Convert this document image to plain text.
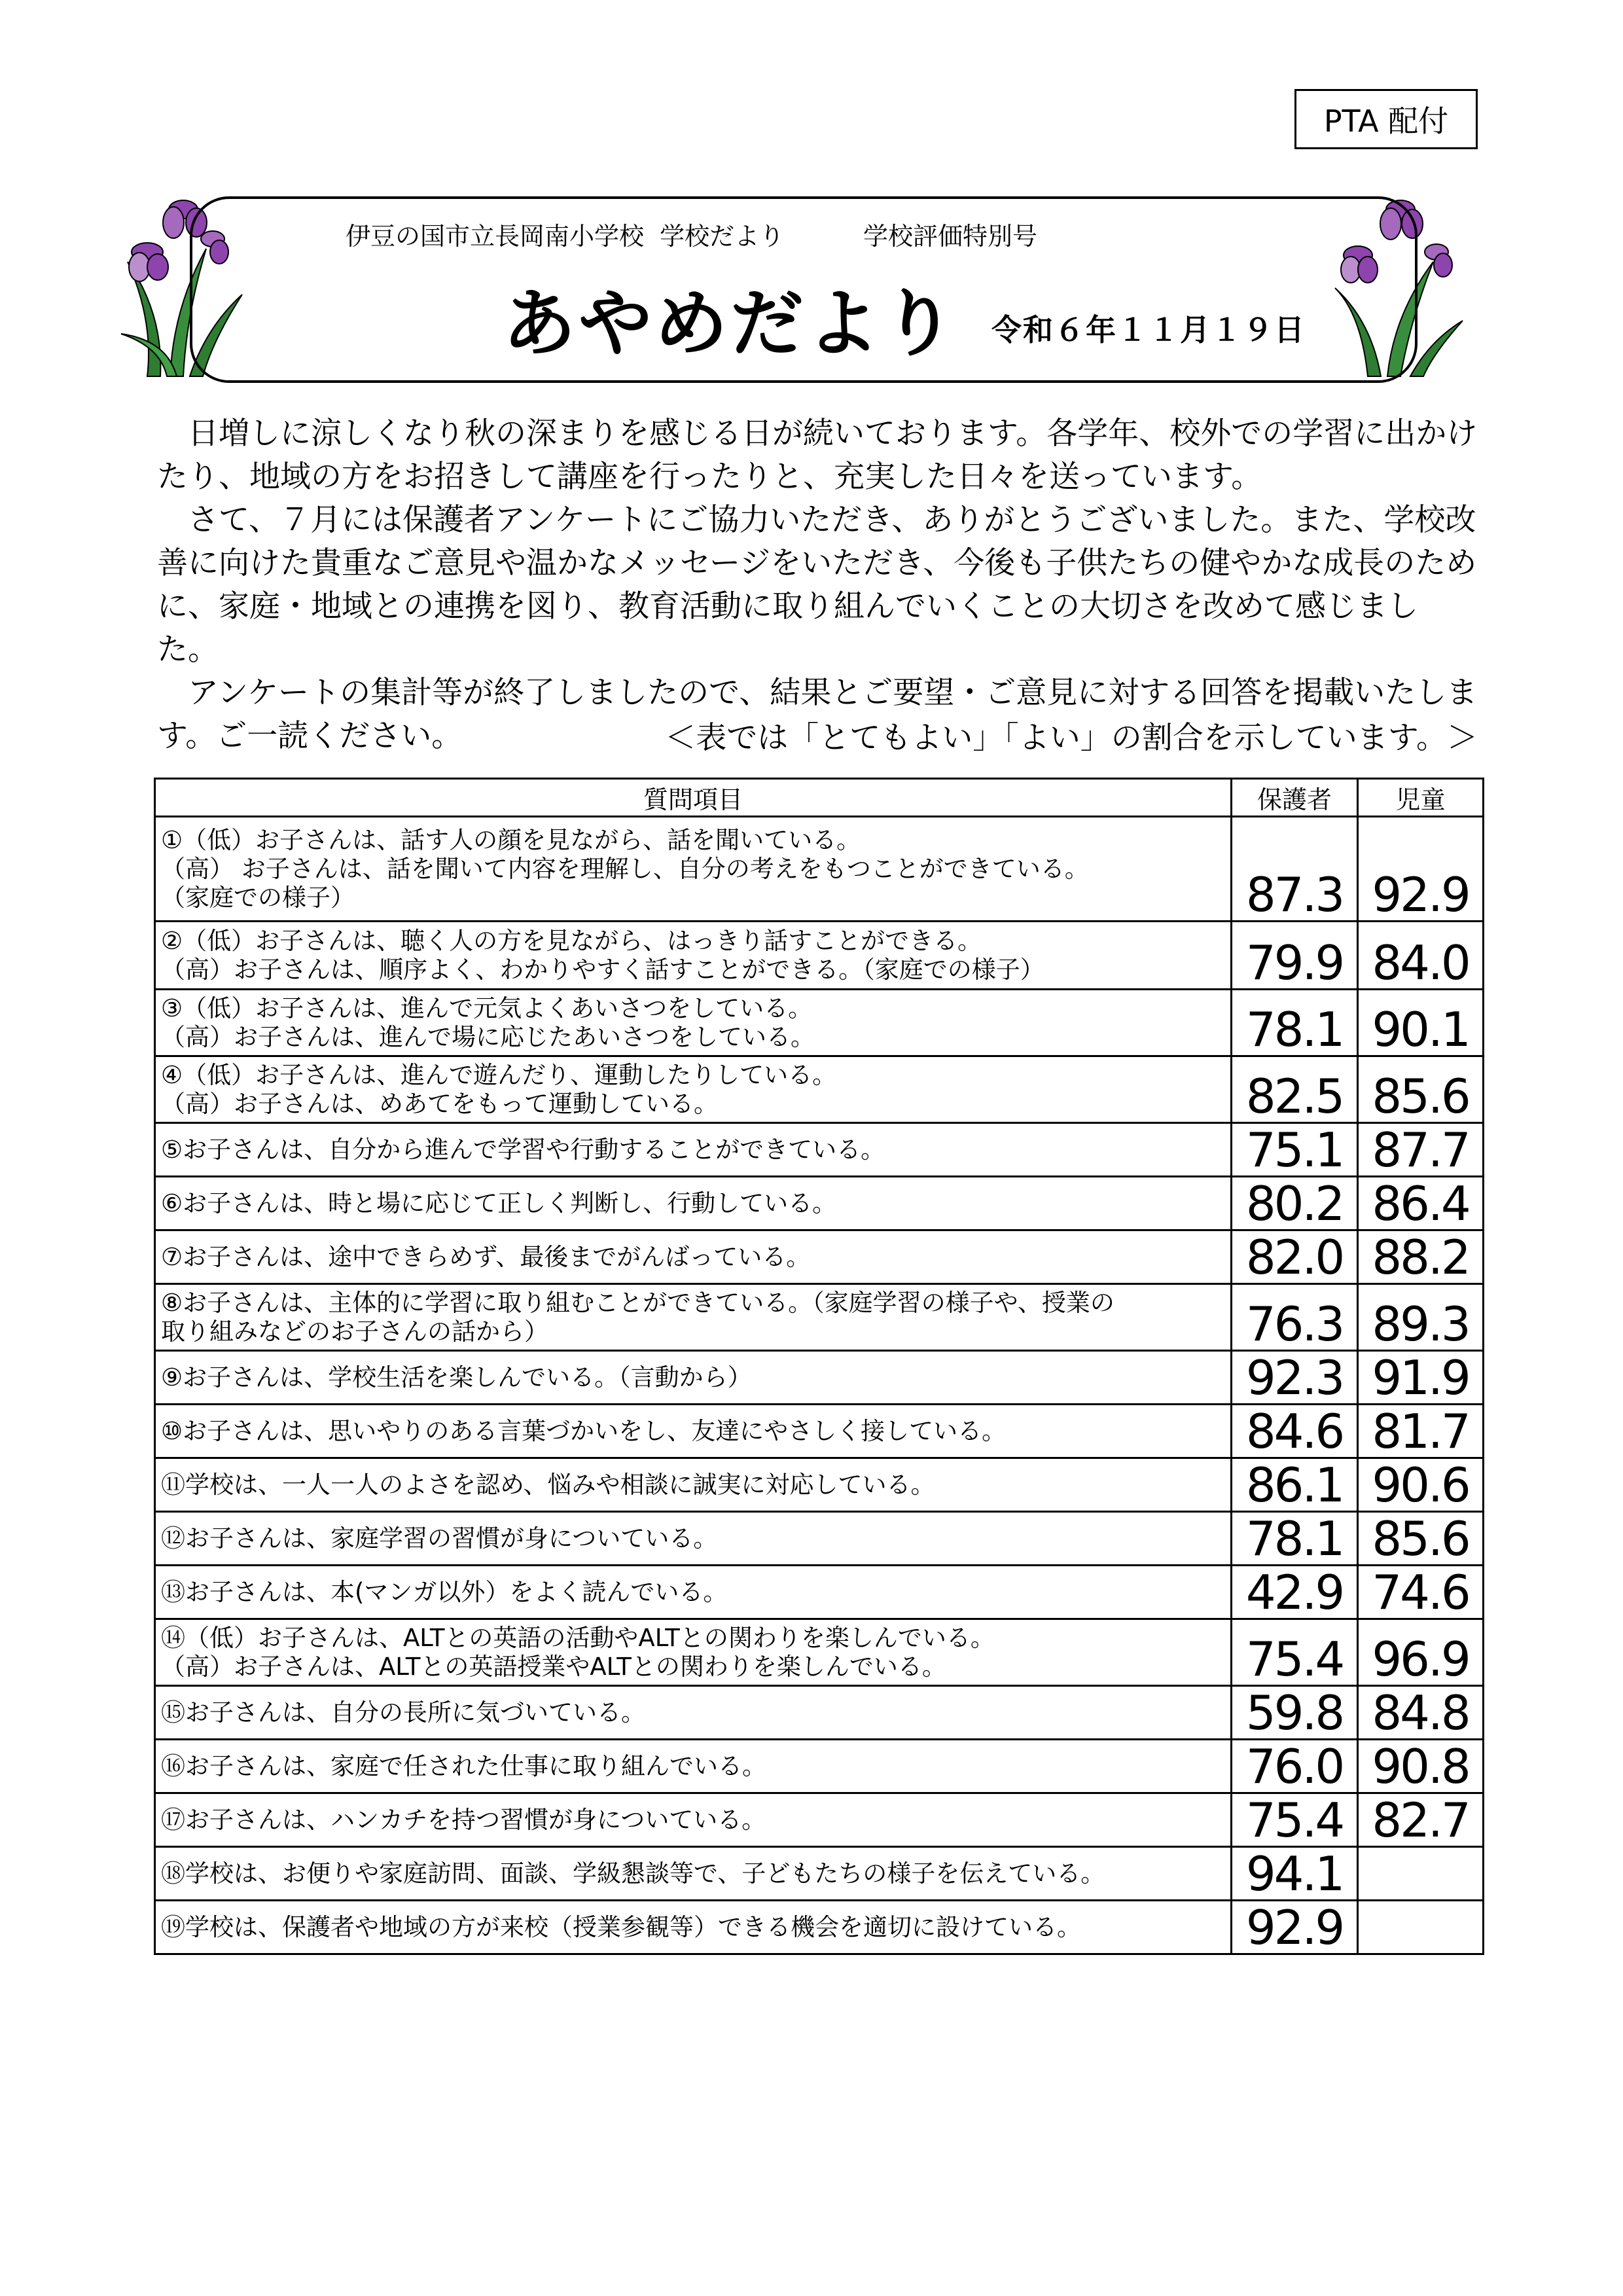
PTA 配付
伊豆の国市立長岡南小学校  学校だより	学校評価特別号
あやめだより 令和６年１１月１９日

日増しに涼しくなり秋の深まりを感じる日が続いております。各学年、校外での学習に出かけたり、地域の方をお招きして講座を行ったりと、充実した日々を送っています。

さて、７月には保護者アンケートにご協力いただき、ありがとうございました。また、学校改善に向けた貴重なご意見や温かなメッセージをいただき、今後も子供たちの健やかな成長のために、家庭・地域との連携を図り、教育活動に取り組んでいくことの大切さを改めて感じました。

アンケートの集計等が終了しましたので、結果とご要望・ご意見に対する回答を掲載いたします。ご一読ください。	＜表では「とてもよい」「よい」の割合を示しています。＞
質問項目	保護者	児童

①（低）お子さんは、話す人の顔を見ながら、話を聞いている。
（高） お子さんは、話を聞いて内容を理解し、自分の考えをもつことができている。
（家庭での様子）	87.3	92.9

②（低）お子さんは、聴く人の方を見ながら、はっきり話すことができる。
（高）お子さんは、順序よく、わかりやすく話すことができる。（家庭での様子）	79.9	84.0

③（低）お子さんは、進んで元気よくあいさつをしている。
（高）お子さんは、進んで場に応じたあいさつをしている。	78.1	90.1

④（低）お子さんは、進んで遊んだり、運動したりしている。
（高）お子さんは、めあてをもって運動している。	82.5	85.6

⑤お子さんは、自分から進んで学習や行動することができている。	75.1	87.7

⑥お子さんは、時と場に応じて正しく判断し、行動している。	80.2	86.4

⑦お子さんは、途中できらめず、最後までがんばっている。	82.0	88.2

⑧お子さんは、主体的に学習に取り組むことができている。（家庭学習の様子や、授業の
取り組みなどのお子さんの話から）	76.3	89.3

⑨お子さんは、学校生活を楽しんでいる。（言動から）	92.3	91.9

⑩お子さんは、思いやりのある言葉づかいをし、友達にやさしく接している。	84.6	81.7

⑪学校は、一人一人のよさを認め、悩みや相談に誠実に対応している。	86.1	90.6

⑫お子さんは、家庭学習の習慣が身についている。	78.1	85.6

⑬お子さんは、本(マンガ以外）をよく読んでいる。	42.9	74.6

⑭（低）お子さんは、ALTとの英語の活動やALTとの関わりを楽しんでいる。
（高）お子さんは、ALTとの英語授業やALTとの関わりを楽しんでいる。	75.4	96.9

⑮お子さんは、自分の長所に気づいている。	59.8	84.8

⑯お子さんは、家庭で任された仕事に取り組んでいる。	76.0	90.8

⑰お子さんは、ハンカチを持つ習慣が身についている。	75.4	82.7

⑱学校は、お便りや家庭訪問、面談、学級懇談等で、子どもたちの様子を伝えている。	94.1	

⑲学校は、保護者や地域の方が来校（授業参観等）できる機会を適切に設けている。	92.9	
